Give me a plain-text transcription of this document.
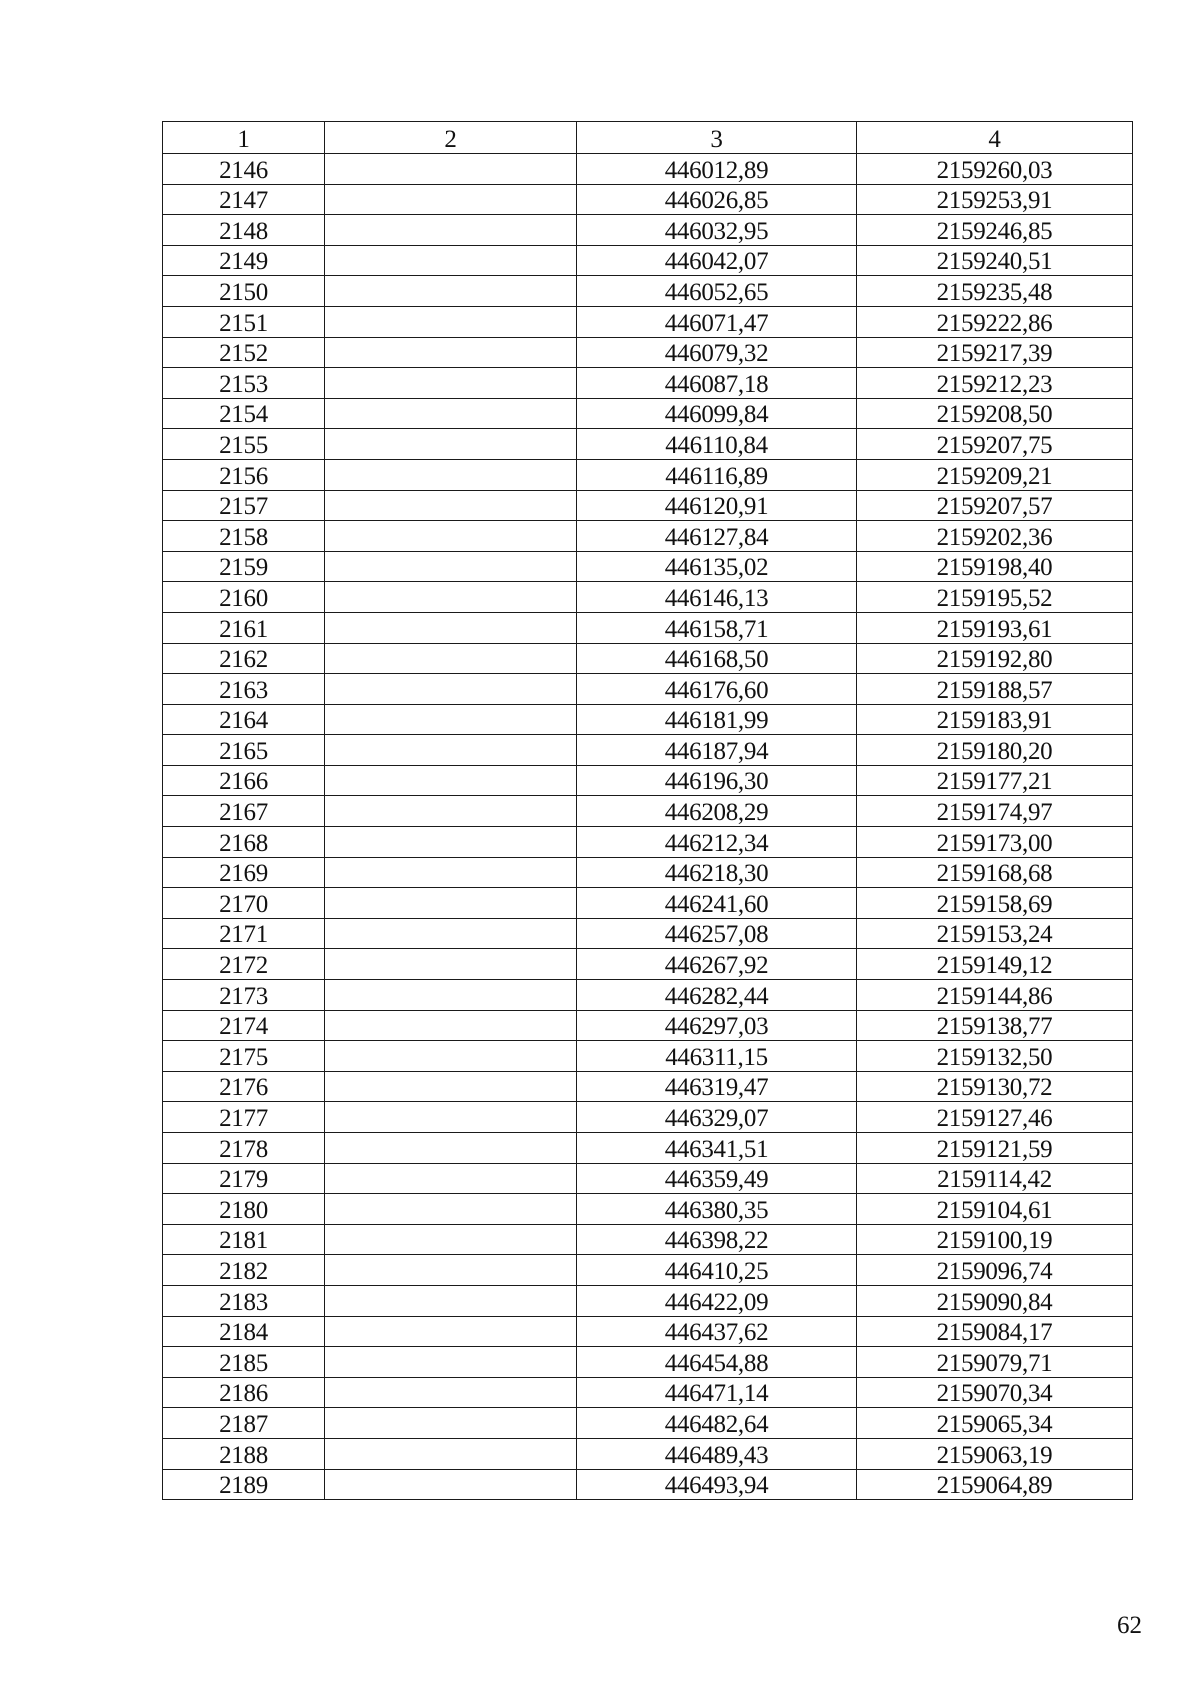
1	2	3	4
2146		446012,89	2159260,03
2147		446026,85	2159253,91
2148		446032,95	2159246,85
2149		446042,07	2159240,51
2150		446052,65	2159235,48
2151		446071,47	2159222,86
2152		446079,32	2159217,39
2153		446087,18	2159212,23
2154		446099,84	2159208,50
2155		446110,84	2159207,75
2156		446116,89	2159209,21
2157		446120,91	2159207,57
2158		446127,84	2159202,36
2159		446135,02	2159198,40
2160		446146,13	2159195,52
2161		446158,71	2159193,61
2162		446168,50	2159192,80
2163		446176,60	2159188,57
2164		446181,99	2159183,91
2165		446187,94	2159180,20
2166		446196,30	2159177,21
2167		446208,29	2159174,97
2168		446212,34	2159173,00
2169		446218,30	2159168,68
2170		446241,60	2159158,69
2171		446257,08	2159153,24
2172		446267,92	2159149,12
2173		446282,44	2159144,86
2174		446297,03	2159138,77
2175		446311,15	2159132,50
2176		446319,47	2159130,72
2177		446329,07	2159127,46
2178		446341,51	2159121,59
2179		446359,49	2159114,42
2180		446380,35	2159104,61
2181		446398,22	2159100,19
2182		446410,25	2159096,74
2183		446422,09	2159090,84
2184		446437,62	2159084,17
2185		446454,88	2159079,71
2186		446471,14	2159070,34
2187		446482,64	2159065,34
2188		446489,43	2159063,19
2189		446493,94	2159064,89
62
